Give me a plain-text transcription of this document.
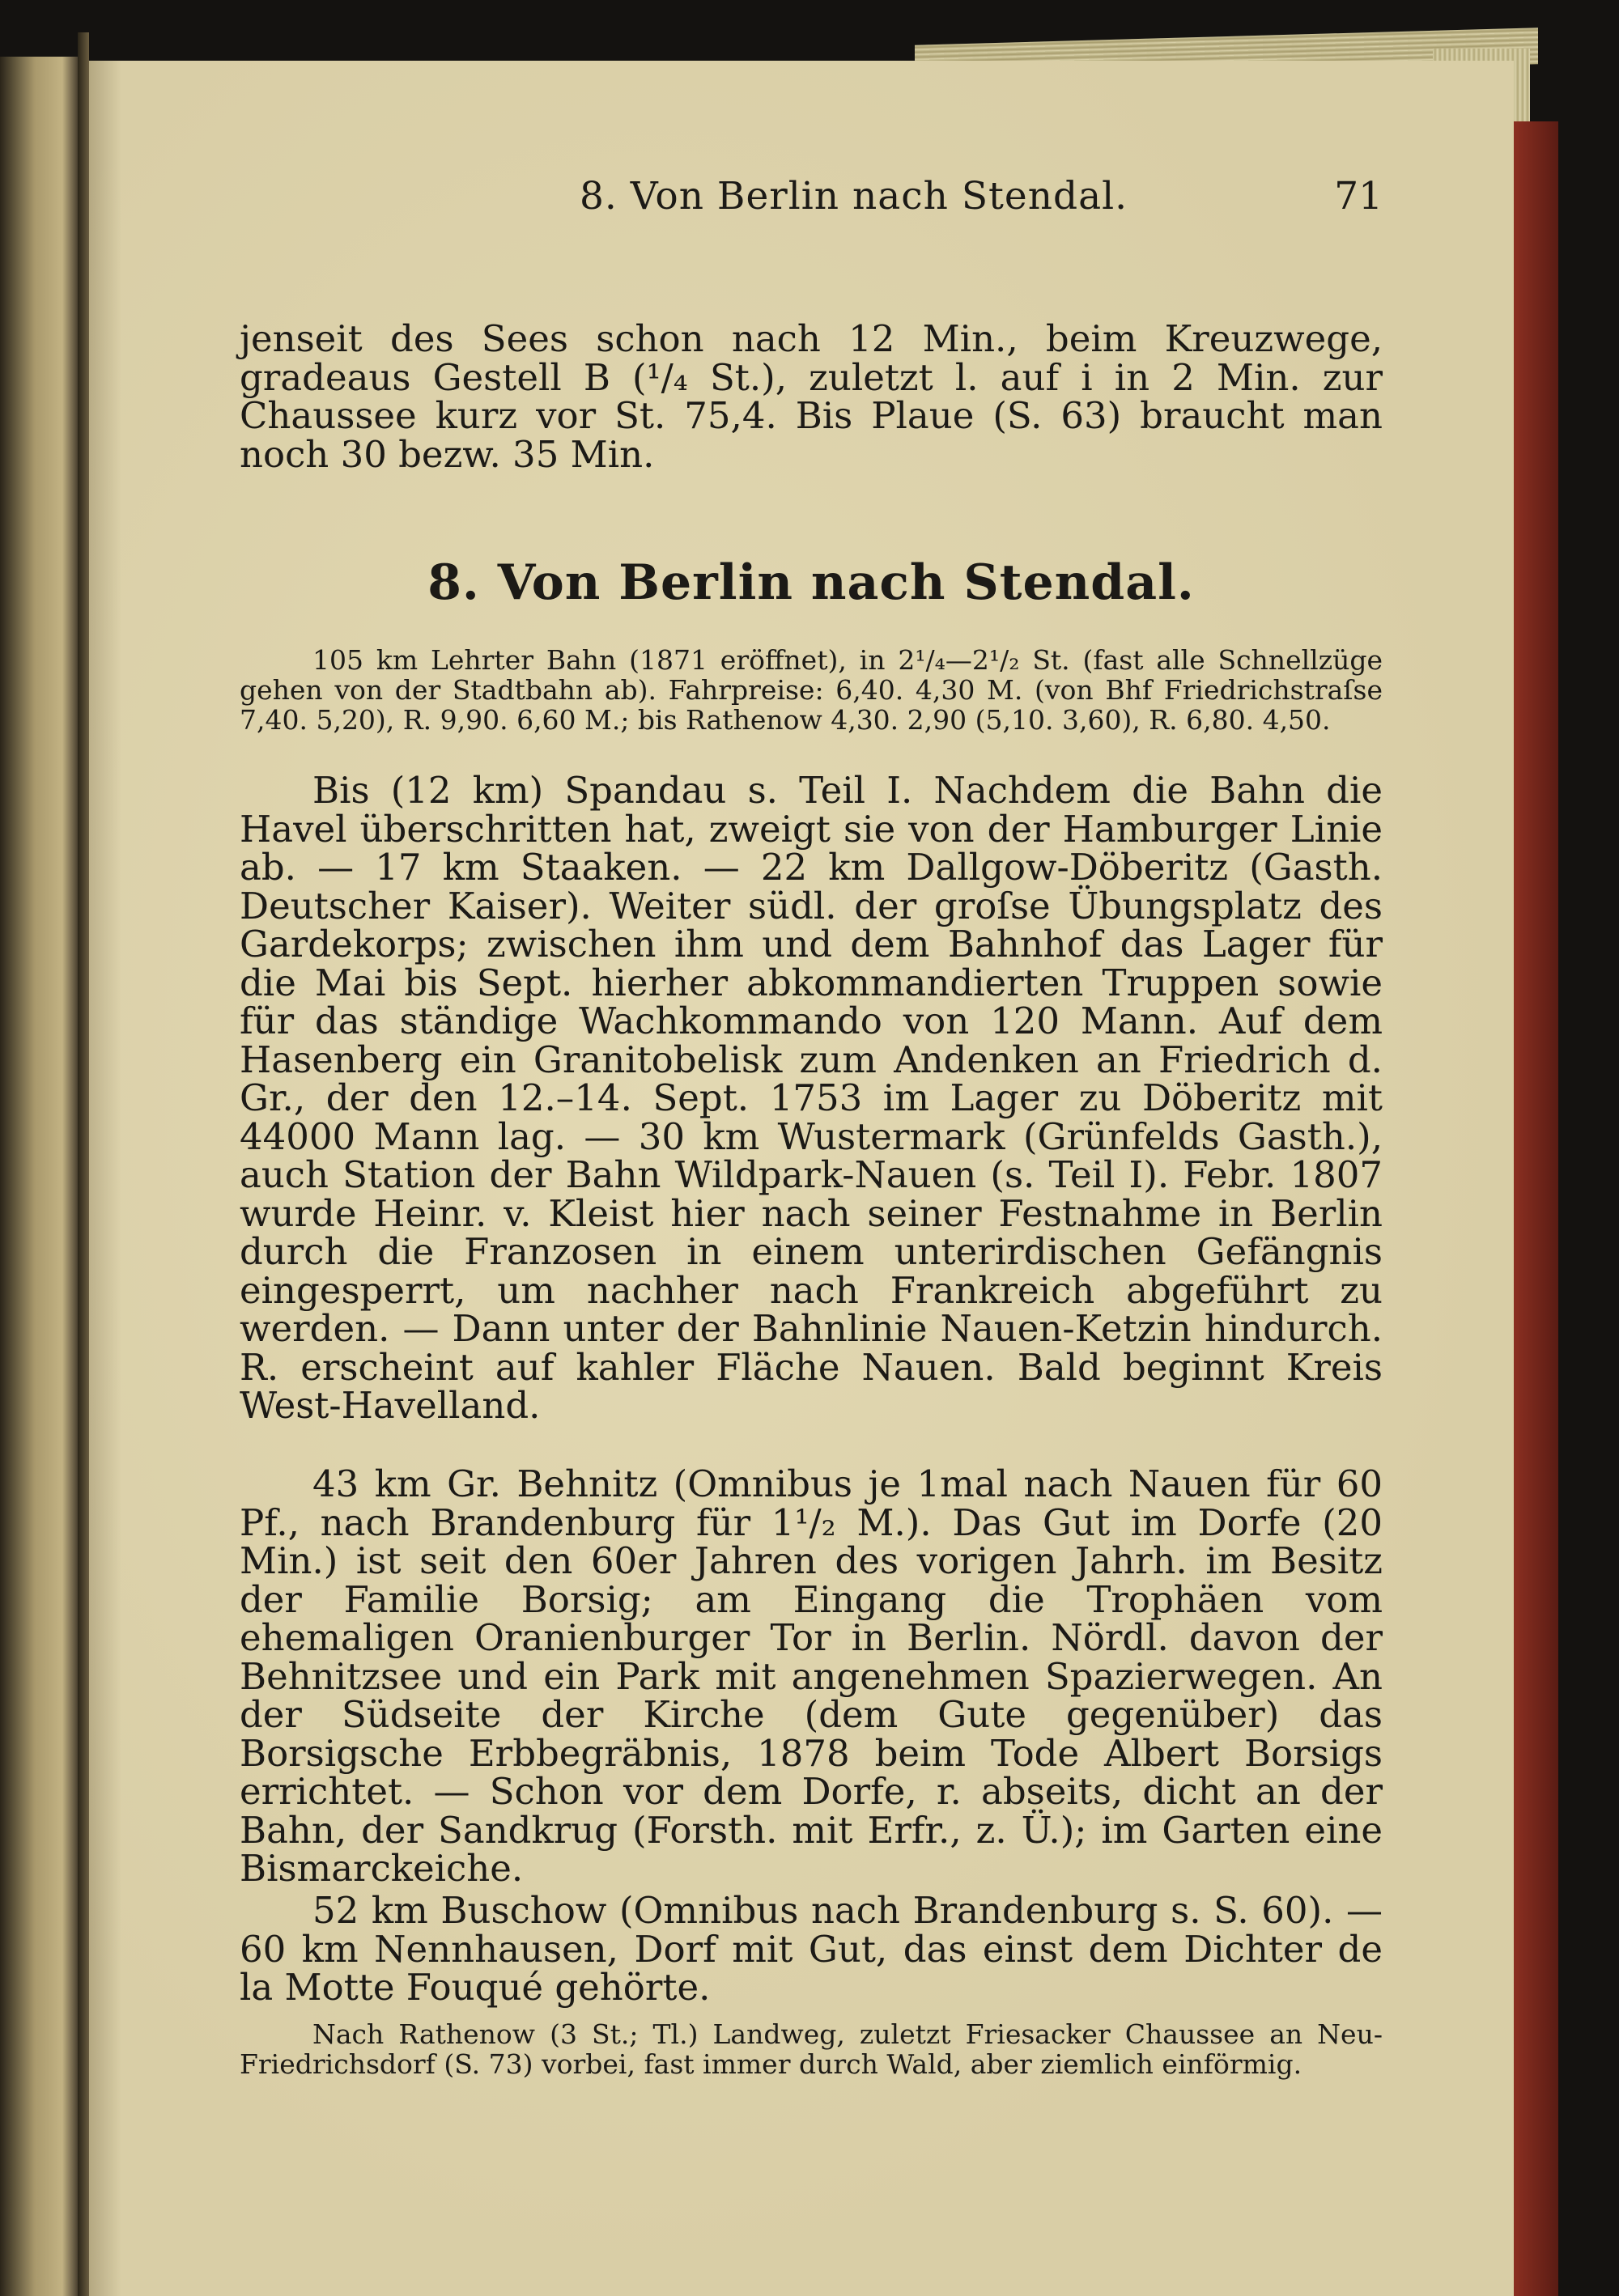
8. Von Berlin nach Stendal.	71

jenseit des Sees schon nach 12 Min., beim Kreuzwege, gradeaus Gestell B (¹/₄ St.), zuletzt l. auf i in 2 Min. zur Chaussee kurz vor St. 75,4. Bis Plaue (S. 63) braucht man noch 30 bezw. 35 Min.

8. Von Berlin nach Stendal.

105 km Lehrter Bahn (1871 eröffnet), in 2¹/₄—2¹/₂ St. (fast alle Schnellzüge gehen von der Stadtbahn ab). Fahrpreise: 6,40. 4,30 M. (von Bhf Friedrichstraſse 7,40. 5,20), R. 9,90. 6,60 M.; bis Rathenow 4,30. 2,90 (5,10. 3,60), R. 6,80. 4,50.

Bis (12 km) Spandau s. Teil I. Nachdem die Bahn die Havel überschritten hat, zweigt sie von der Hamburger Linie ab. — 17 km Staaken. — 22 km Dallgow-Döberitz (Gasth. Deutscher Kaiser). Weiter südl. der groſse Übungsplatz des Gardekorps; zwischen ihm und dem Bahnhof das Lager für die Mai bis Sept. hierher abkommandierten Truppen sowie für das ständige Wachkommando von 120 Mann. Auf dem Hasenberg ein Granitobelisk zum Andenken an Friedrich d. Gr., der den 12.–14. Sept. 1753 im Lager zu Döberitz mit 44000 Mann lag. — 30 km Wustermark (Grünfelds Gasth.), auch Station der Bahn Wildpark-Nauen (s. Teil I). Febr. 1807 wurde Heinr. v. Kleist hier nach seiner Festnahme in Berlin durch die Franzosen in einem unterirdischen Gefängnis eingesperrt, um nachher nach Frankreich abgeführt zu werden. — Dann unter der Bahnlinie Nauen-Ketzin hindurch. R. erscheint auf kahler Fläche Nauen. Bald beginnt Kreis West-Havelland.

43 km Gr. Behnitz (Omnibus je 1mal nach Nauen für 60 Pf., nach Brandenburg für 1¹/₂ M.). Das Gut im Dorfe (20 Min.) ist seit den 60er Jahren des vorigen Jahrh. im Besitz der Familie Borsig; am Eingang die Trophäen vom ehemaligen Oranienburger Tor in Berlin. Nördl. davon der Behnitzsee und ein Park mit angenehmen Spazierwegen. An der Südseite der Kirche (dem Gute gegenüber) das Borsigsche Erbbegräbnis, 1878 beim Tode Albert Borsigs errichtet. — Schon vor dem Dorfe, r. abseits, dicht an der Bahn, der Sandkrug (Forsth. mit Erfr., z. Ü.); im Garten eine Bismarckeiche.

52 km Buschow (Omnibus nach Brandenburg s. S. 60). — 60 km Nennhausen, Dorf mit Gut, das einst dem Dichter de la Motte Fouqué gehörte.

Nach Rathenow (3 St.; Tl.) Landweg, zuletzt Friesacker Chaussee an Neu-Friedrichsdorf (S. 73) vorbei, fast immer durch Wald, aber ziemlich einförmig.
